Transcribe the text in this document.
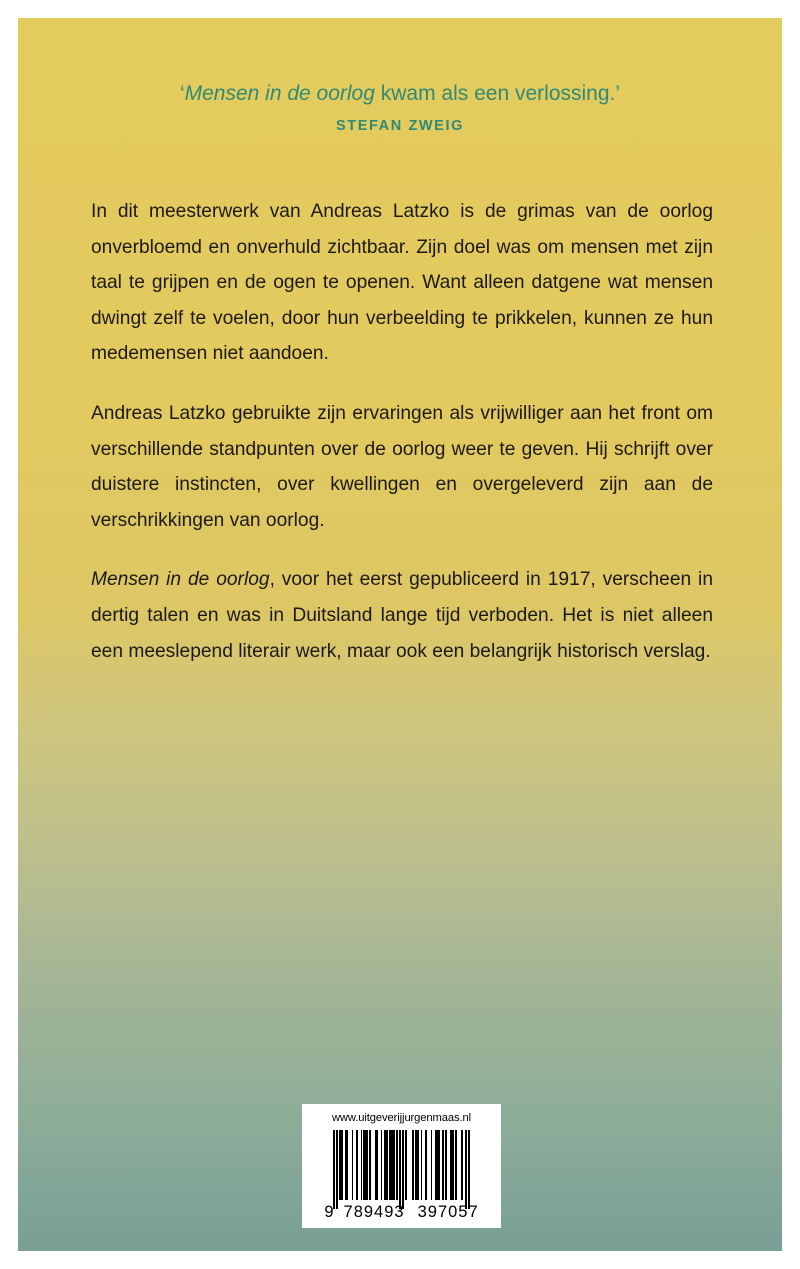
‘Mensen in de oorlog kwam als een verlossing.’
STEFAN ZWEIG

In dit meesterwerk van Andreas Latzko is de grimas van de oorlog onverbloemd en onverhuld zichtbaar. Zijn doel was om mensen met zijn taal te grijpen en de ogen te openen. Want alleen datgene wat mensen dwingt zelf te voelen, door hun verbeelding te prikkelen, kunnen ze hun medemensen niet aandoen.

Andreas Latzko gebruikte zijn ervaringen als vrijwilliger aan het front om verschillende standpunten over de oorlog weer te geven. Hij schrijft over duistere instincten, over kwellingen en overgeleverd zijn aan de verschrikkingen van oorlog.

Mensen in de oorlog, voor het eerst gepubliceerd in 1917, verscheen in dertig talen en was in Duitsland lange tijd verboden. Het is niet alleen een meeslepend literair werk, maar ook een belangrijk historisch verslag.

www.uitgeverijjurgenmaas.nl
9 789493 397057
